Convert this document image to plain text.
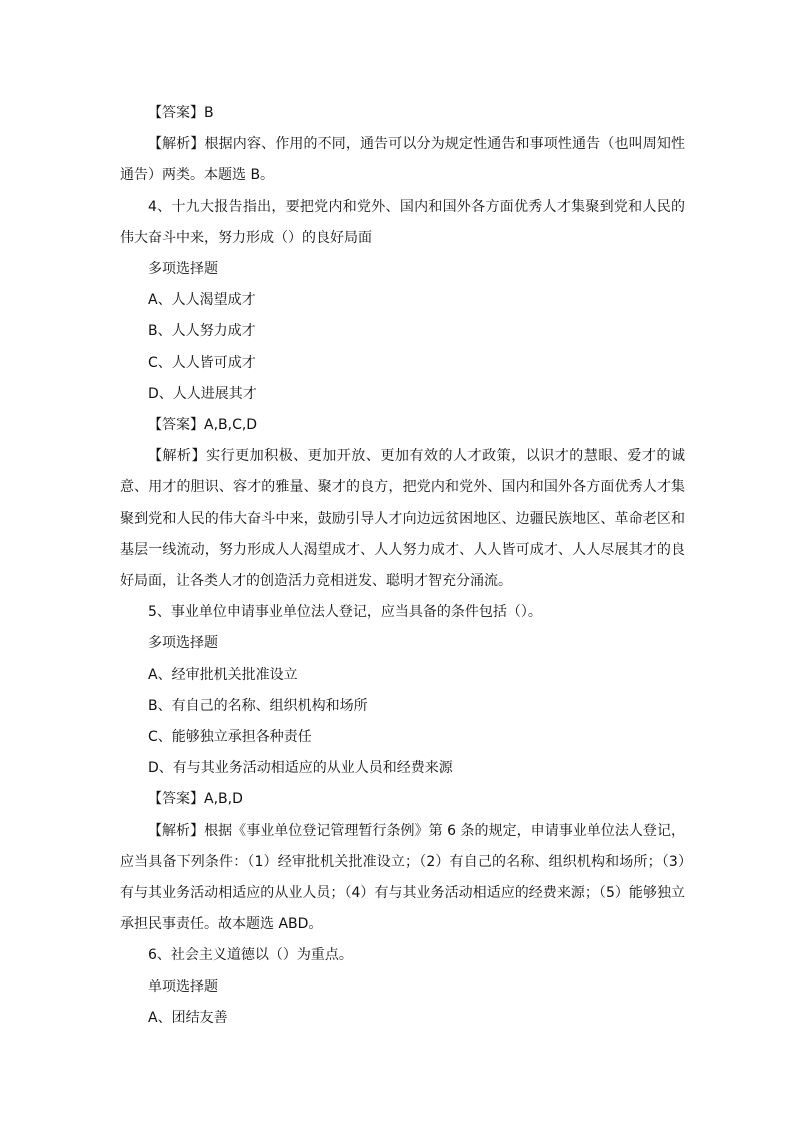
【答案】B

【解析】根据内容、作用的不同，通告可以分为规定性通告和事项性通告（也叫周知性通告）两类。本题选 B。

4、十九大报告指出，要把党内和党外、国内和国外各方面优秀人才集聚到党和人民的伟大奋斗中来，努力形成（）的良好局面

多项选择题

A、人人渴望成才

B、人人努力成才

C、人人皆可成才

D、人人进展其才

【答案】A,B,C,D

【解析】实行更加积极、更加开放、更加有效的人才政策，以识才的慧眼、爱才的诚意、用才的胆识、容才的雅量、聚才的良方，把党内和党外、国内和国外各方面优秀人才集聚到党和人民的伟大奋斗中来，鼓励引导人才向边远贫困地区、边疆民族地区、革命老区和基层一线流动，努力形成人人渴望成才、人人努力成才、人人皆可成才、人人尽展其才的良好局面，让各类人才的创造活力竞相迸发、聪明才智充分涌流。

5、事业单位申请事业单位法人登记，应当具备的条件包括（）。

多项选择题

A、经审批机关批准设立

B、有自己的名称、组织机构和场所

C、能够独立承担各种责任

D、有与其业务活动相适应的从业人员和经费来源

【答案】A,B,D

【解析】根据《事业单位登记管理暂行条例》第 6 条的规定，申请事业单位法人登记，应当具备下列条件：（1）经审批机关批准设立；（2）有自己的名称、组织机构和场所；（3）有与其业务活动相适应的从业人员；（4）有与其业务活动相适应的经费来源；（5）能够独立承担民事责任。故本题选 ABD。

6、社会主义道德以（）为重点。

单项选择题

A、团结友善
